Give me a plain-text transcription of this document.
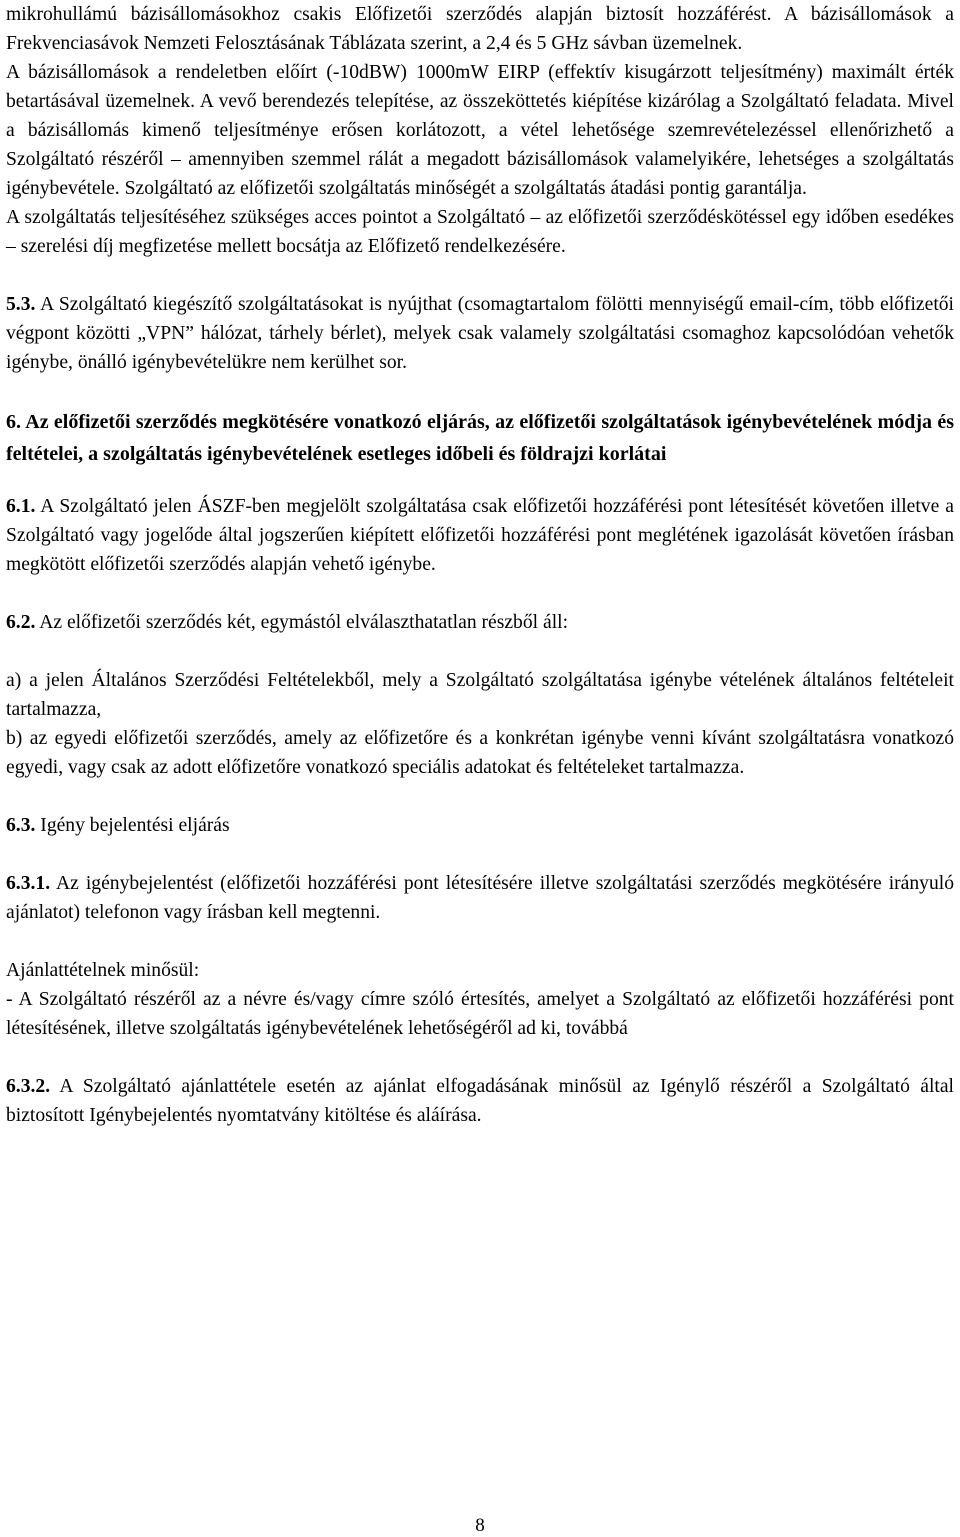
mikrohullámú bázisállomásokhoz csakis Előfizetői szerződés alapján biztosít hozzáférést. A bázisállomások a Frekvenciasávok Nemzeti Felosztásának Táblázata szerint, a 2,4 és 5 GHz sávban üzemelnek.

A bázisállomások a rendeletben előírt (-10dBW) 1000mW EIRP (effektív kisugárzott teljesítmény) maximált érték betartásával üzemelnek. A vevő berendezés telepítése, az összeköttetés kiépítése kizárólag a Szolgáltató feladata. Mivel a bázisállomás kimenő teljesítménye erősen korlátozott, a vétel lehetősége szemrevételezéssel ellenőrizhető a Szolgáltató részéről – amennyiben szemmel rálát a megadott bázisállomások valamelyikére, lehetséges a szolgáltatás igénybevétele. Szolgáltató az előfizetői szolgáltatás minőségét a szolgáltatás átadási pontig garantálja.

A szolgáltatás teljesítéséhez szükséges acces pointot a Szolgáltató – az előfizetői szerződéskötéssel egy időben esedékes – szerelési díj megfizetése mellett bocsátja az Előfizető rendelkezésére.

5.3. A Szolgáltató kiegészítő szolgáltatásokat is nyújthat (csomagtartalom fölötti mennyiségű email-cím, több előfizetői végpont közötti „VPN” hálózat, tárhely bérlet), melyek csak valamely szolgáltatási csomaghoz kapcsolódóan vehetők igénybe, önálló igénybevételükre nem kerülhet sor.

6. Az előfizetői szerződés megkötésére vonatkozó eljárás, az előfizetői szolgáltatások igénybevételének módja és feltételei, a szolgáltatás igénybevételének esetleges időbeli és földrajzi korlátai

6.1. A Szolgáltató jelen ÁSZF-ben megjelölt szolgáltatása csak előfizetői hozzáférési pont létesítését követően illetve a Szolgáltató vagy jogelőde által jogszerűen kiépített előfizetői hozzáférési pont meglétének igazolását követően írásban megkötött előfizetői szerződés alapján vehető igénybe.

6.2. Az előfizetői szerződés két, egymástól elválaszthatatlan részből áll:

a) a jelen Általános Szerződési Feltételekből, mely a Szolgáltató szolgáltatása igénybe vételének általános feltételeit tartalmazza,

b) az egyedi előfizetői szerződés, amely az előfizetőre és a konkrétan igénybe venni kívánt szolgáltatásra vonatkozó egyedi, vagy csak az adott előfizetőre vonatkozó speciális adatokat és feltételeket tartalmazza.

6.3. Igény bejelentési eljárás

6.3.1. Az igénybejelentést (előfizetői hozzáférési pont létesítésére illetve szolgáltatási szerződés megkötésére irányuló ajánlatot) telefonon vagy írásban kell megtenni.

Ajánlattételnek minősül:

- A Szolgáltató részéről az a névre és/vagy címre szóló értesítés, amelyet a Szolgáltató az előfizetői hozzáférési pont létesítésének, illetve szolgáltatás igénybevételének lehetőségéről ad ki, továbbá

6.3.2. A Szolgáltató ajánlattétele esetén az ajánlat elfogadásának minősül az Igénylő részéről a Szolgáltató által biztosított Igénybejelentés nyomtatvány kitöltése és aláírása.

8
